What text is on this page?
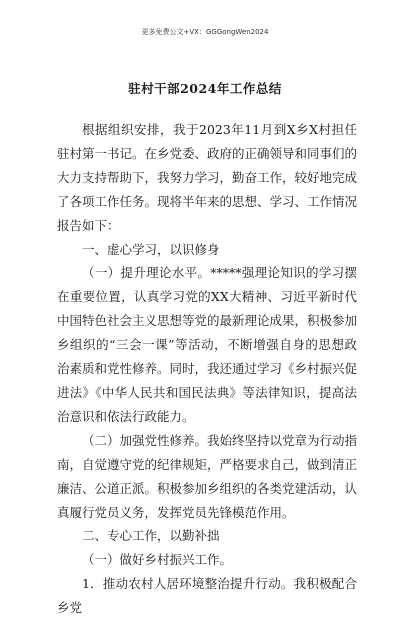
更多免费公文+VX：GGGongWen2024
驻村干部2024年工作总结

根据组织安排，我于2023年11月到X乡X村担任驻村第一书记。在乡党委、政府的正确领导和同事们的大力支持帮助下，我努力学习，勤奋工作，较好地完成了各项工作任务。现将半年来的思想、学习、工作情况报告如下：

一、虚心学习，以识修身

（一）提升理论水平。*****强理论知识的学习摆在重要位置，认真学习党的XX大精神、习近平新时代中国特色社会主义思想等党的最新理论成果，积极参加乡组织的“三会一课”等活动，不断增强自身的思想政治素质和党性修养。同时，我还通过学习《乡村振兴促进法》《中华人民共和国民法典》等法律知识，提高法治意识和依法行政能力。

（二）加强党性修养。我始终坚持以党章为行动指南，自觉遵守党的纪律规矩，严格要求自己，做到清正廉洁、公道正派。积极参加乡组织的各类党建活动，认真履行党员义务，发挥党员先锋模范作用。

二、专心工作，以勤补拙

（一）做好乡村振兴工作。

1．推动农村人居环境整治提升行动。我积极配合乡党
